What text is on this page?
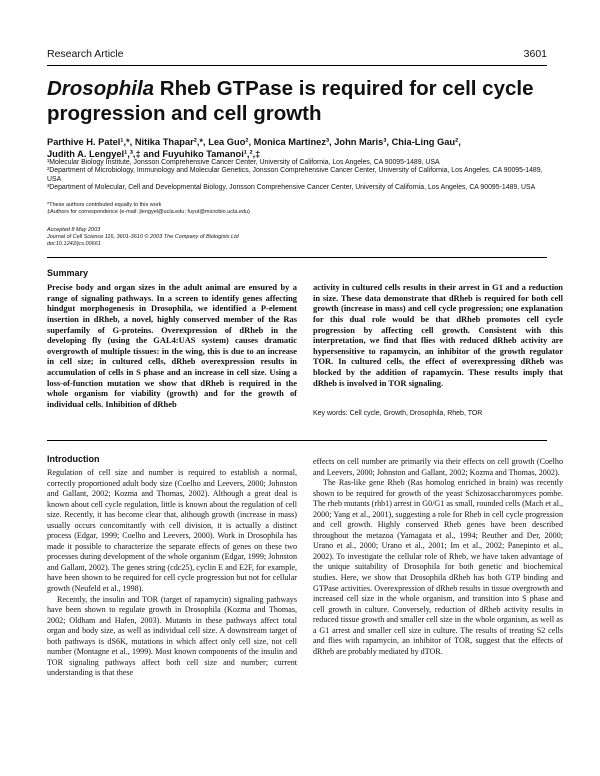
Research Article	3601
Drosophila Rheb GTPase is required for cell cycle
progression and cell growth
Parthive H. Patel¹,*, Nitika Thapar²,*, Lea Guo², Monica Martinez³, John Maris³, Chia-Ling Gau²,
Judith A. Lengyel¹,³,‡ and Fuyuhiko Tamanoi¹,²,‡

¹Molecular Biology Institute, Jonsson Comprehensive Cancer Center, University of California, Los Angeles, CA 90095-1489, USA

²Department of Microbiology, Immunology and Molecular Genetics, Jonsson Comprehensive Cancer Center, University of California, Los Angeles, CA 90095-1489, USA

³Department of Molecular, Cell and Developmental Biology, Jonsson Comprehensive Cancer Center, University of California, Los Angeles, CA 90095-1489, USA

*These authors contributed equally to this work

‡Authors for correspondence (e-mail: jlengyel@ucla.edu; fuyut@microbio.ucla.edu)

Accepted 8 May 2003

Journal of Cell Science 116, 3601-3610 © 2003 The Company of Biologists Ltd

doi:10.1242/jcs.00661

Summary

Precise body and organ sizes in the adult animal are ensured by a range of signaling pathways. In a screen to identify genes affecting hindgut morphogenesis in Drosophila, we identified a P-element insertion in dRheb, a novel, highly conserved member of the Ras superfamily of G-proteins. Overexpression of dRheb in the developing fly (using the GAL4:UAS system) causes dramatic overgrowth of multiple tissues: in the wing, this is due to an increase in cell size; in cultured cells, dRheb overexpression results in accumulation of cells in S phase and an increase in cell size. Using a loss-of-function mutation we show that dRheb is required in the whole organism for viability (growth) and for the growth of individual cells. Inhibition of dRheb

activity in cultured cells results in their arrest in G1 and a reduction in size. These data demonstrate that dRheb is required for both cell growth (increase in mass) and cell cycle progression; one explanation for this dual role would be that dRheb promotes cell cycle progression by affecting cell growth. Consistent with this interpretation, we find that flies with reduced dRheb activity are hypersensitive to rapamycin, an inhibitor of the growth regulator TOR. In cultured cells, the effect of overexpressing dRheb was blocked by the addition of rapamycin. These results imply that dRheb is involved in TOR signaling.

Key words: Cell cycle, Growth, Drosophila, Rheb, TOR
Introduction

Regulation of cell size and number is required to establish a normal, correctly proportioned adult body size (Coelho and Leevers, 2000; Johnston and Gallant, 2002; Kozma and Thomas, 2002). Although a great deal is known about cell cycle regulation, little is known about the regulation of cell size. Recently, it has become clear that, although growth (increase in mass) usually occurs concomitantly with cell division, it is actually a distinct process (Edgar, 1999; Coelho and Leevers, 2000). Work in Drosophila has made it possible to characterize the separate effects of genes on these two processes during development of the whole organism (Edgar, 1999; Johnston and Gallant, 2002). The genes string (cdc25), cyclin E and E2F, for example, have been shown to be required for cell cycle progression but not for cellular growth (Neufeld et al., 1998).

Recently, the insulin and TOR (target of rapamycin) signaling pathways have been shown to regulate growth in Drosophila (Kozma and Thomas, 2002; Oldham and Hafen, 2003). Mutants in these pathways affect total organ and body size, as well as individual cell size. A downstream target of both pathways is dS6K, mutations in which affect only cell size, not cell number (Montagne et al., 1999). Most known components of the insulin and TOR signaling pathways affect both cell size and number; current understanding is that these

effects on cell number are primarily via their effects on cell growth (Coelho and Leevers, 2000; Johnston and Gallant, 2002; Kozma and Thomas, 2002).

The Ras-like gene Rheb (Ras homolog enriched in brain) was recently shown to be required for growth of the yeast Schizosaccharomyces pombe. The rheb mutants (rhb1) arrest in G0/G1 as small, rounded cells (Mach et al., 2000; Yang et al., 2001), suggesting a role for Rheb in cell cycle progression and cell growth. Highly conserved Rheb genes have been described throughout the metazoa (Yamagata et al., 1994; Reuther and Der, 2000; Urano et al., 2000; Urano et al., 2001; Im et al., 2002; Panepinto et al., 2002). To investigate the cellular role of Rheb, we have taken advantage of the unique suitability of Drosophila for both genetic and biochemical studies. Here, we show that Drosophila dRheb has both GTP binding and GTPase activities. Overexpression of dRheb results in tissue overgrowth and increased cell size in the whole organism, and transition into S phase and cell growth in culture. Conversely, reduction of dRheb activity results in reduced tissue growth and smaller cell size in the whole organism, as well as a G1 arrest and smaller cell size in culture. The results of treating S2 cells and flies with rapamycin, an inhibitor of TOR, suggest that the effects of dRheb are probably mediated by dTOR.
